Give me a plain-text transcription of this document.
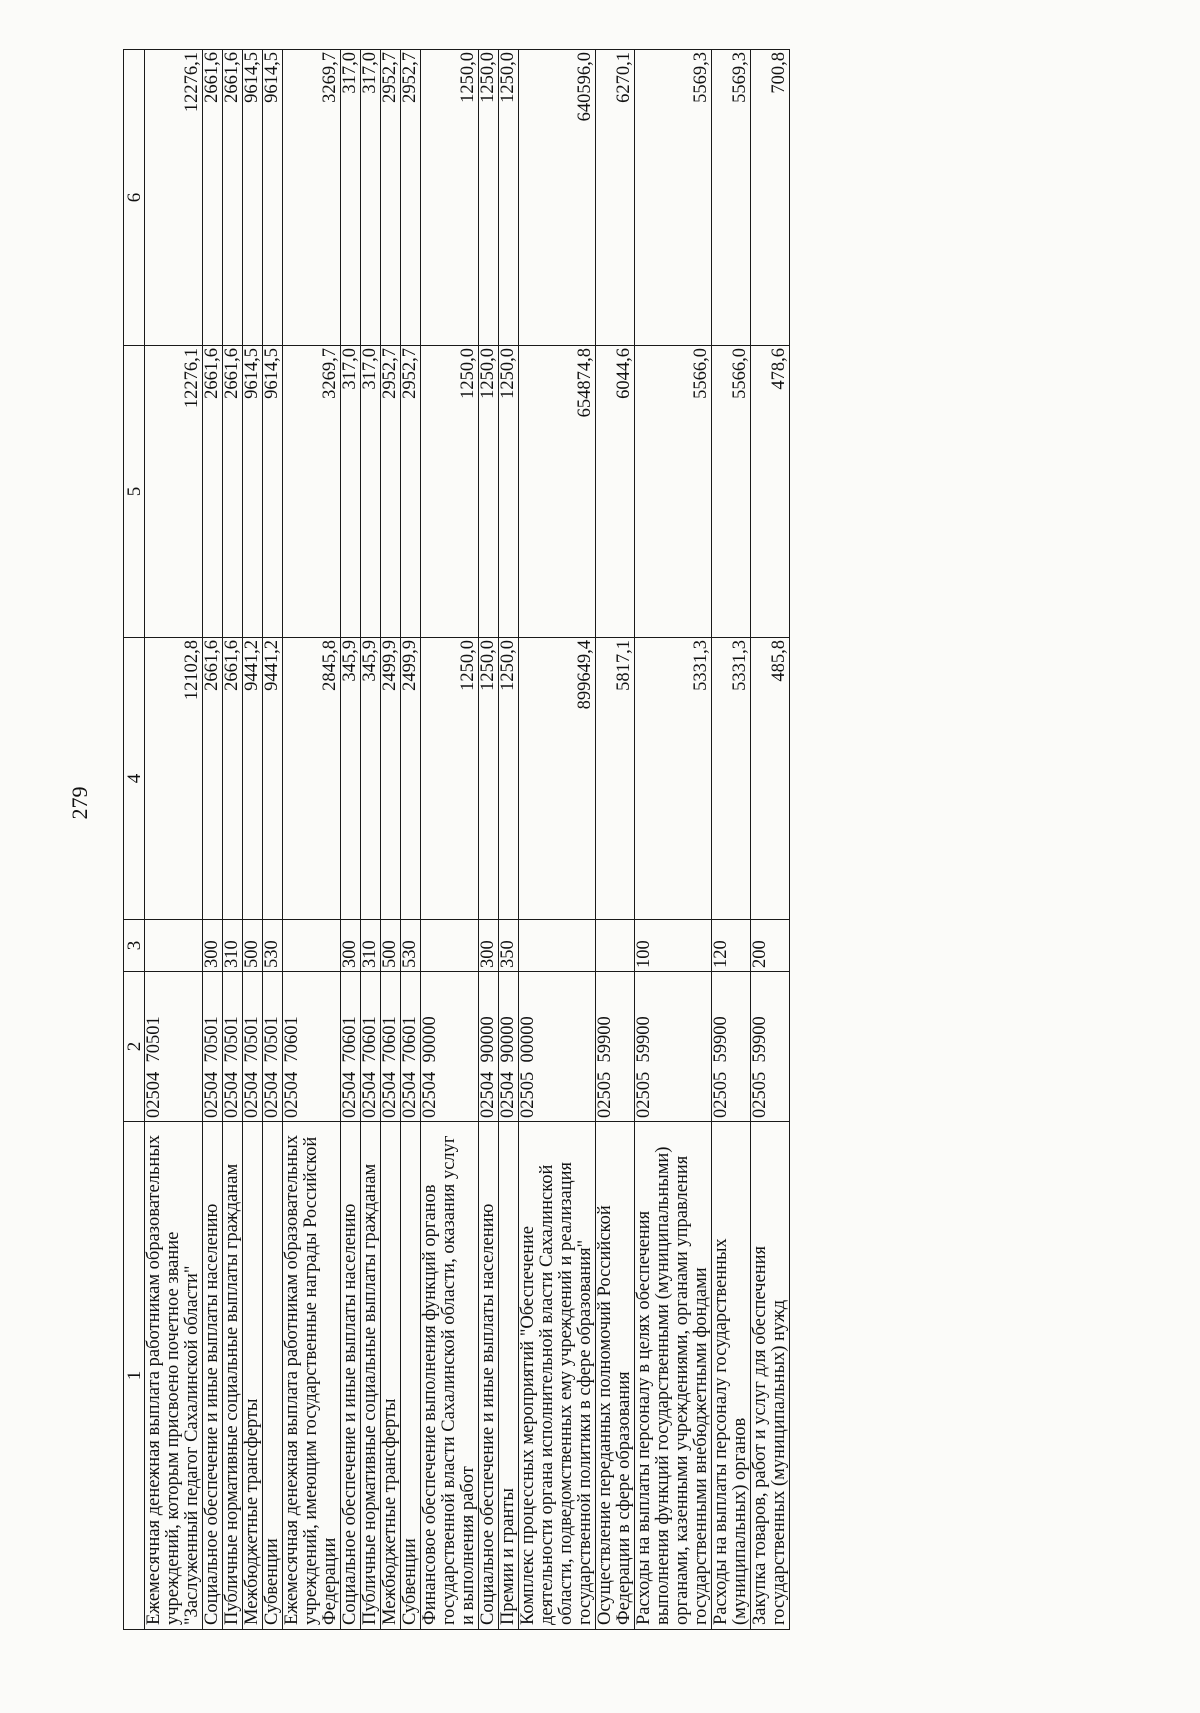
279
1	2	3	4	5	6
Ежемесячная денежная выплата работникам образовательных учреждений, которым присвоено почетное звание "Заслуженный педагог Сахалинской области"	02504  70501		12102,8	12276,1	12276,1
Социальное обеспечение и иные выплаты населению	02504  70501	300	2661,6	2661,6	2661,6
Публичные нормативные социальные выплаты гражданам	02504  70501	310	2661,6	2661,6	2661,6
Межбюджетные трансферты	02504  70501	500	9441,2	9614,5	9614,5
Субвенции	02504  70501	530	9441,2	9614,5	9614,5
Ежемесячная денежная выплата работникам образовательных учреждений, имеющим государственные награды Российской Федерации	02504  70601		2845,8	3269,7	3269,7
Социальное обеспечение и иные выплаты населению	02504  70601	300	345,9	317,0	317,0
Публичные нормативные социальные выплаты гражданам	02504  70601	310	345,9	317,0	317,0
Межбюджетные трансферты	02504  70601	500	2499,9	2952,7	2952,7
Субвенции	02504  70601	530	2499,9	2952,7	2952,7
Финансовое обеспечение выполнения функций органов государственной власти Сахалинской области, оказания услуг и выполнения работ	02504  90000		1250,0	1250,0	1250,0
Социальное обеспечение и иные выплаты населению	02504  90000	300	1250,0	1250,0	1250,0
Премии и гранты	02504  90000	350	1250,0	1250,0	1250,0
Комплекс процессных мероприятий "Обеспечение деятельности органа исполнительной власти Сахалинской области, подведомственных ему учреждений и реализация государственной политики в сфере образования"	02505  00000		899649,4	654874,8	640596,0
Осуществление переданных полномочий Российской Федерации в сфере образования	02505  59900		5817,1	6044,6	6270,1
Расходы на выплаты персоналу в целях обеспечения выполнения функций государственными (муниципальными) органами, казенными учреждениями, органами управления государственными внебюджетными фондами	02505  59900	100	5331,3	5566,0	5569,3
Расходы на выплаты персоналу государственных (муниципальных) органов	02505  59900	120	5331,3	5566,0	5569,3
Закупка товаров, работ и услуг для обеспечения государственных (муниципальных) нужд	02505  59900	200	485,8	478,6	700,8
